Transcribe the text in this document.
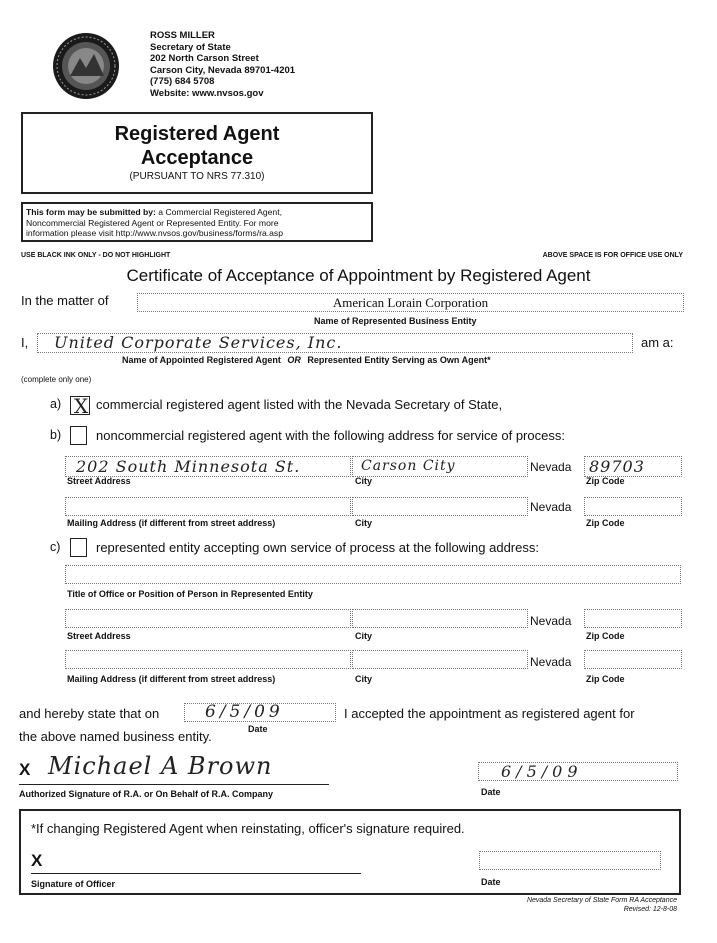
ROSS MILLER
Secretary of State
202 North Carson Street
Carson City, Nevada 89701-4201
(775) 684 5708
Website: www.nvsos.gov
Registered Agent
Acceptance
(PURSUANT TO NRS 77.310)
This form may be submitted by: a Commercial Registered Agent,
Noncommercial Registered Agent or Represented Entity. For more
information please visit http://www.nvsos.gov/business/forms/ra.asp
USE BLACK INK ONLY - DO NOT HIGHLIGHT	ABOVE SPACE IS FOR OFFICE USE ONLY
Certificate of Acceptance of Appointment by Registered Agent
In the matter of	American Lorain Corporation
Name of Represented Business Entity
I,	United Corporate Services, Inc.	am a:
Name of Appointed Registered Agent OR Represented Entity Serving as Own Agent*
(complete only one)
a) X commercial registered agent listed with the Nevada Secretary of State,
b)	noncommercial registered agent with the following address for service of process:
202 South Minnesota St.	Carson City	Nevada	89703
Street Address	City	Zip Code
Nevada
Mailing Address (if different from street address)	City	Zip Code
c)	represented entity accepting own service of process at the following address:
Title of Office or Position of Person in Represented Entity
Nevada
Street Address	City	Zip Code
Nevada
Mailing Address (if different from street address)	City	Zip Code
and hereby state that on	6/5/09
Date
I accepted the appointment as registered agent for
the above named business entity.
X Michael A Brown
Authorized Signature of R.A. or On Behalf of R.A. Company
6/5/09
Date
*If changing Registered Agent when reinstating, officer's signature required.
X
Signature of Officer	Date
Nevada Secretary of State Form RA Acceptance
Revised: 12-8-08
